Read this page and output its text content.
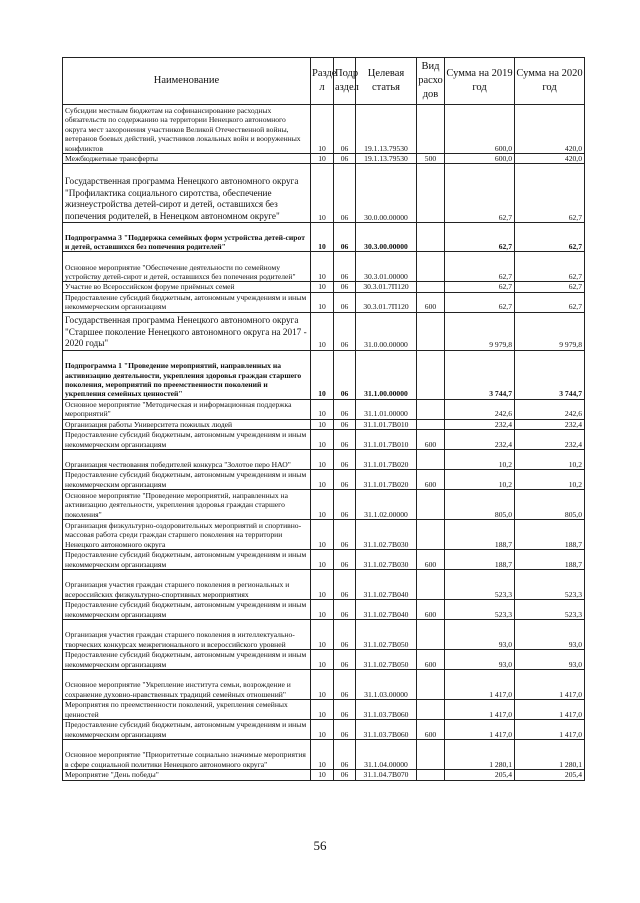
Наименование	Разде л	Подр аздел	Целевая статья	Вид расхо дов	Сумма на 2019 год	Сумма на 2020 год
Субсидии местным бюджетам на софинансирование расходных обязательств по содержанию на территории Ненецкого автономного округа мест захоронения участников Великой Отечественной войны, ветеранов боевых действий, участников локальных войн и вооруженных конфликтов	10	06	19.1.13.79530		600,0	420,0
Межбюджетные трансферты	10	06	19.1.13.79530	500	600,0	420,0
Государственная программа Ненецкого автономного округа "Профилактика социального сиротства, обеспечение жизнеустройства детей-сирот и детей, оставшихся без попечения родителей, в Ненецком автономном округе"	10	06	30.0.00.00000		62,7	62,7
Подпрограмма 3 "Поддержка семейных форм устройства детей-сирот и детей, оставшихся без попечения родителей"	10	06	30.3.00.00000		62,7	62,7
Основное мероприятие "Обеспечение деятельности по семейному устройству детей-сирот и детей, оставшихся без попечения родителей"	10	06	30.3.01.00000		62,7	62,7
Участие во Всероссийском форуме приёмных семей	10	06	30.3.01.7П120		62,7	62,7
Предоставление субсидий бюджетным, автономным учреждениям и иным некоммерческим организациям	10	06	30.3.01.7П120	600	62,7	62,7
Государственная программа Ненецкого автономного округа "Старшее поколение Ненецкого автономного округа на 2017 - 2020 годы"	10	06	31.0.00.00000		9 979,8	9 979,8
Подпрограмма 1 "Проведение мероприятий, направленных на активизацию деятельности, укрепления здоровья граждан старшего поколения, мероприятий по преемственности поколений и укрепления семейных ценностей"	10	06	31.1.00.00000		3 744,7	3 744,7
Основное мероприятие "Методическая и информационная поддержка мероприятий"	10	06	31.1.01.00000		242,6	242,6
Организация работы Университета пожилых людей	10	06	31.1.01.7В010		232,4	232,4
Предоставление субсидий бюджетным, автономным учреждениям и иным некоммерческим организациям	10	06	31.1.01.7В010	600	232,4	232,4
Организация чествования победителей конкурса "Золотое перо НАО"	10	06	31.1.01.7В020		10,2	10,2
Предоставление субсидий бюджетным, автономным учреждениям и иным некоммерческим организациям	10	06	31.1.01.7В020	600	10,2	10,2
Основное мероприятие "Проведение мероприятий, направленных на активизацию деятельности, укрепления здоровья граждан старшего поколения"	10	06	31.1.02.00000		805,0	805,0
Организация физкультурно-оздоровительных мероприятий и спортивно-массовая работа среди граждан старшего поколения на территории Ненецкого автономного округа	10	06	31.1.02.7В030		188,7	188,7
Предоставление субсидий бюджетным, автономным учреждениям и иным некоммерческим организациям	10	06	31.1.02.7В030	600	188,7	188,7
Организация участия граждан старшего поколения в региональных и всероссийских физкультурно-спортивных мероприятиях	10	06	31.1.02.7В040		523,3	523,3
Предоставление субсидий бюджетным, автономным учреждениям и иным некоммерческим организациям	10	06	31.1.02.7В040	600	523,3	523,3
Организация участия граждан старшего поколения в интеллектуально-творческих конкурсах межрегионального и всероссийского уровней	10	06	31.1.02.7В050		93,0	93,0
Предоставление субсидий бюджетным, автономным учреждениям и иным некоммерческим организациям	10	06	31.1.02.7В050	600	93,0	93,0
Основное мероприятие "Укрепление института семьи, возрождение и сохранение духовно-нравственных традиций семейных отношений"	10	06	31.1.03.00000		1 417,0	1 417,0
Мероприятия по преемственности поколений, укрепления семейных ценностей	10	06	31.1.03.7В060		1 417,0	1 417,0
Предоставление субсидий бюджетным, автономным учреждениям и иным некоммерческим организациям	10	06	31.1.03.7В060	600	1 417,0	1 417,0
Основное мероприятие "Приоритетные социально значимые мероприятия в сфере социальной политики Ненецкого автономного округа"	10	06	31.1.04.00000		1 280,1	1 280,1
Мероприятие "День победы"	10	06	31.1.04.7В070		205,4	205,4
56
